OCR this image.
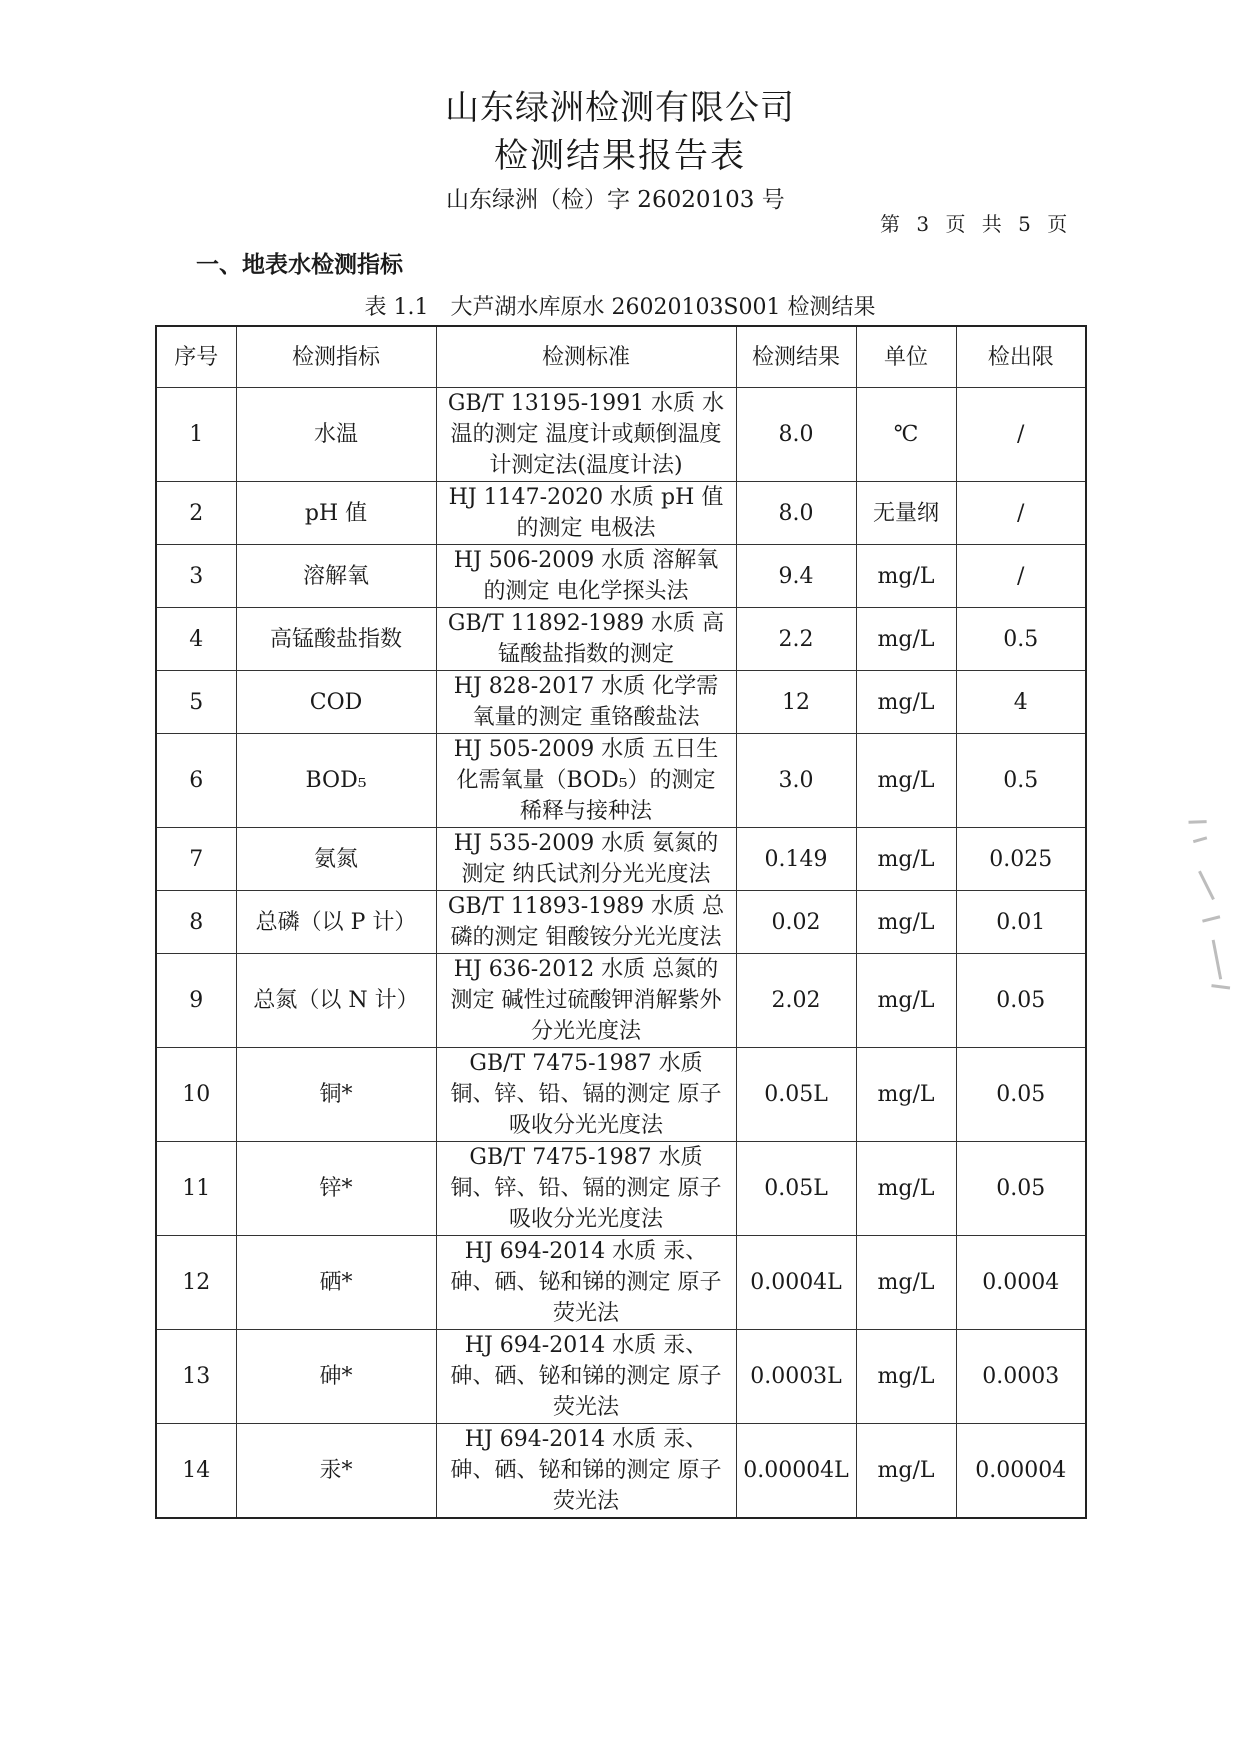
山东绿洲检测有限公司
检测结果报告表
山东绿洲（检）字 26020103 号
第 3 页 共 5 页
一、地表水检测指标
表 1.1　大芦湖水库原水 26020103S001 检测结果
序号	检测指标	检测标准	检测结果	单位	检出限
1	水温	GB/T 13195-1991 水质 水温的测定 温度计或颠倒温度计测定法(温度计法)	8.0	℃	/
2	pH 值	HJ 1147-2020 水质 pH 值的测定 电极法	8.0	无量纲	/
3	溶解氧	HJ 506-2009 水质 溶解氧的测定 电化学探头法	9.4	mg/L	/
4	高锰酸盐指数	GB/T 11892-1989 水质 高锰酸盐指数的测定	2.2	mg/L	0.5
5	COD	HJ 828-2017 水质 化学需氧量的测定 重铬酸盐法	12	mg/L	4
6	BOD₅	HJ 505-2009 水质 五日生化需氧量（BOD₅）的测定 稀释与接种法	3.0	mg/L	0.5
7	氨氮	HJ 535-2009 水质 氨氮的测定 纳氏试剂分光光度法	0.149	mg/L	0.025
8	总磷（以 P 计）	GB/T 11893-1989 水质 总磷的测定 钼酸铵分光光度法	0.02	mg/L	0.01
9	总氮（以 N 计）	HJ 636-2012 水质 总氮的测定 碱性过硫酸钾消解紫外分光光度法	2.02	mg/L	0.05
10	铜*	GB/T 7475-1987 水质 铜、锌、铅、镉的测定 原子吸收分光光度法	0.05L	mg/L	0.05
11	锌*	GB/T 7475-1987 水质 铜、锌、铅、镉的测定 原子吸收分光光度法	0.05L	mg/L	0.05
12	硒*	HJ 694-2014 水质 汞、砷、硒、铋和锑的测定 原子荧光法	0.0004L	mg/L	0.0004
13	砷*	HJ 694-2014 水质 汞、砷、硒、铋和锑的测定 原子荧光法	0.0003L	mg/L	0.0003
14	汞*	HJ 694-2014 水质 汞、砷、硒、铋和锑的测定 原子荧光法	0.00004L	mg/L	0.00004
